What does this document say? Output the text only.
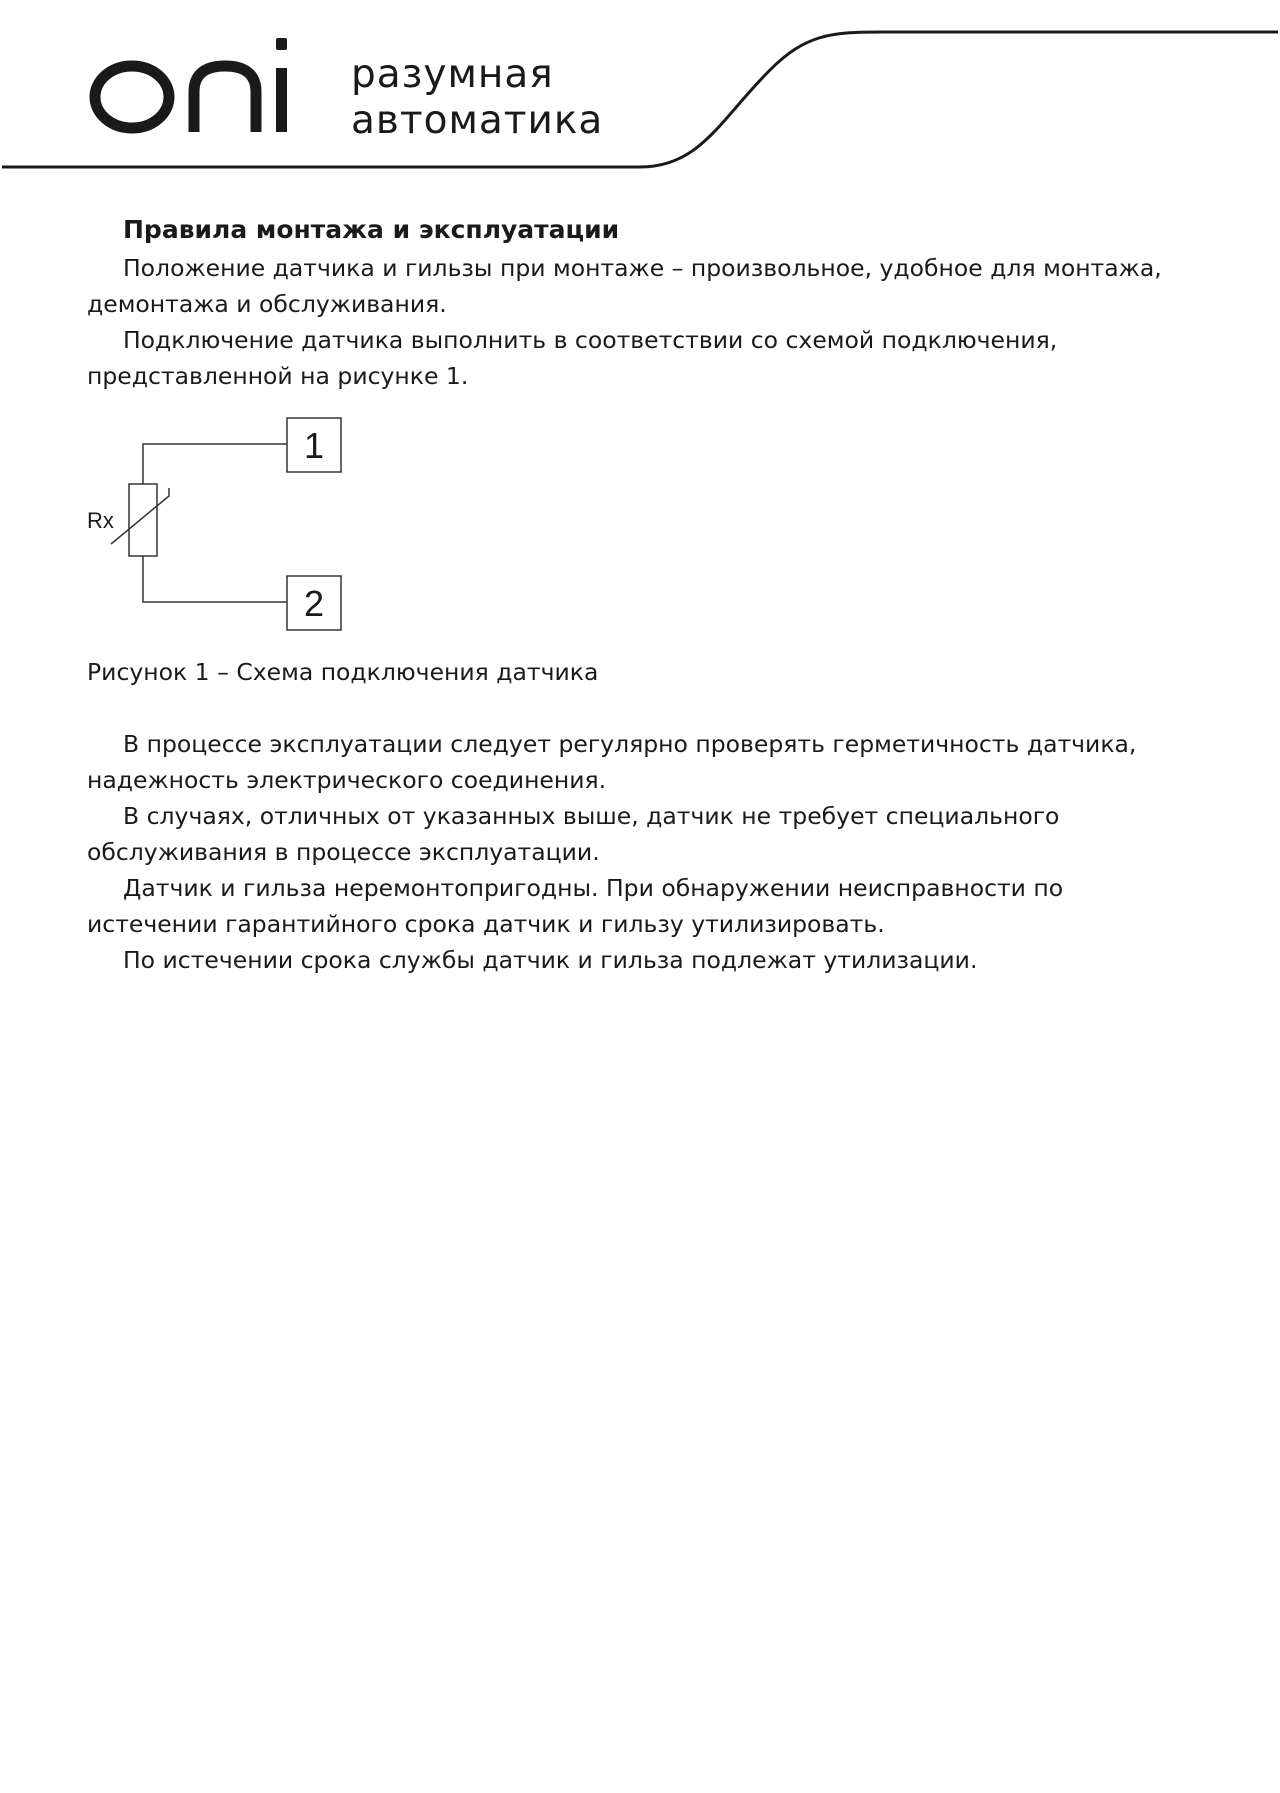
разумная
автоматика

Правила монтажа и эксплуатации

Положение датчика и гильзы при монтаже – произвольное, удобное для монтажа, демонтажа и обслуживания.

Подключение датчика выполнить в соответствии со схемой подключения, представленной на рисунке 1.

1
2
Rx

Рисунок 1 – Схема подключения датчика

В процессе эксплуатации следует регулярно проверять герметичность датчика, надежность электрического соединения.

В случаях, отличных от указанных выше, датчик не требует специального обслуживания в процессе эксплуатации.

Датчик и гильза неремонтопригодны. При обнаружении неисправности по истечении гарантийного срока датчик и гильзу утилизировать.

По истечении срока службы датчик и гильза подлежат утилизации.
